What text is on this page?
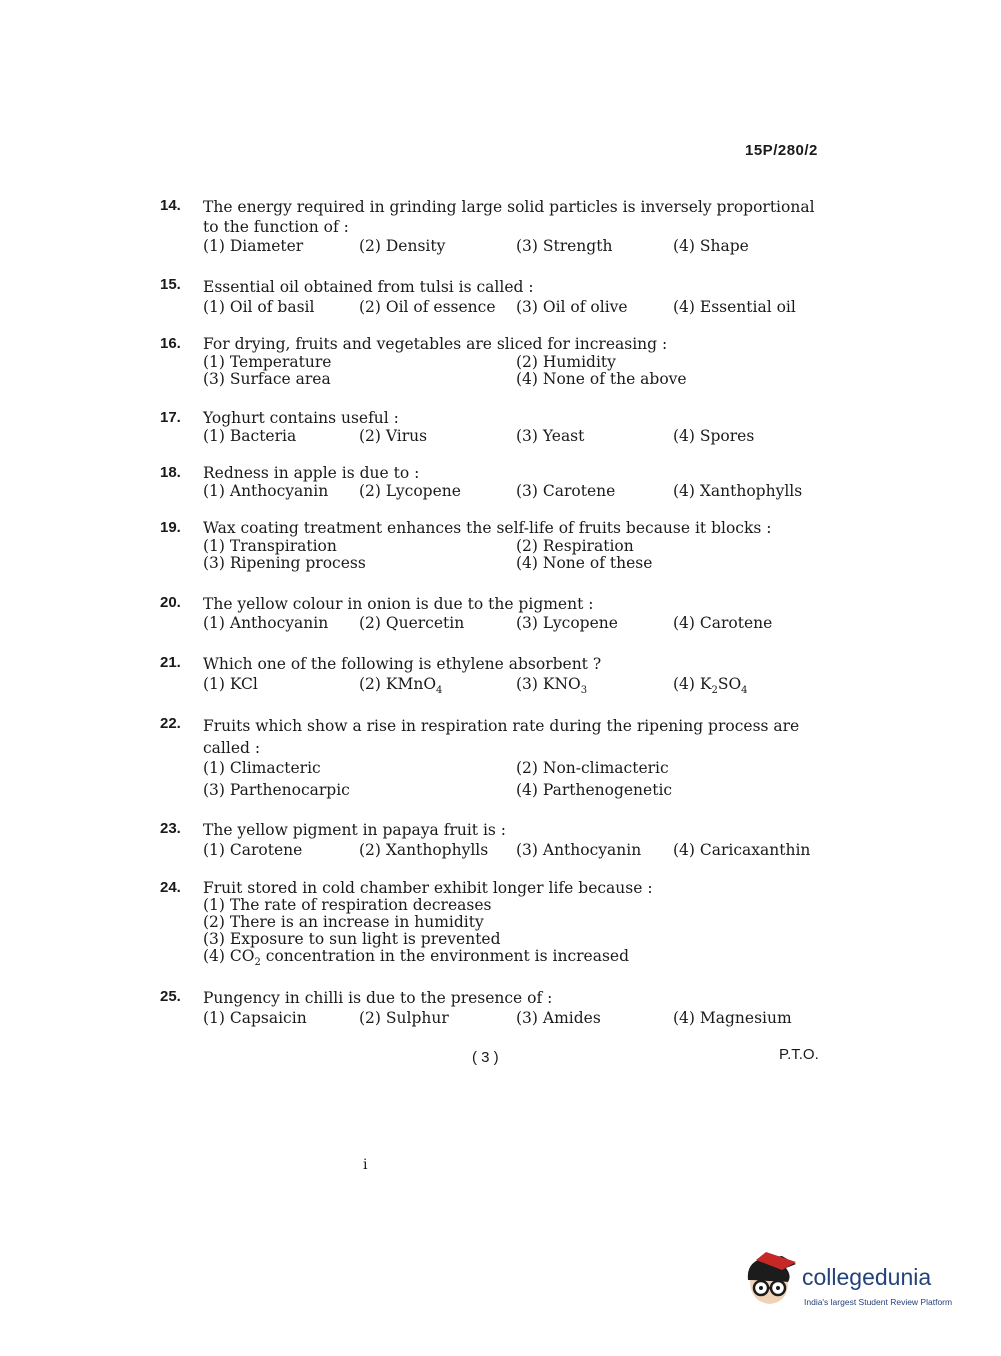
15P/280/2
14. The energy required in grinding large solid particles is inversely proportional to the function of :
(1) Diameter	(2) Density	(3) Strength	(4) Shape
15. Essential oil obtained from tulsi is called :
(1) Oil of basil	(2) Oil of essence (3) Oil of olive	(4) Essential oil
16. For drying, fruits and vegetables are sliced for increasing :
(1) Temperature	(2) Humidity
(3) Surface area	(4) None of the above
17. Yoghurt contains useful :
(1) Bacteria	(2) Virus	(3) Yeast	(4) Spores
18. Redness in apple is due to :
(1) Anthocyanin (2) Lycopene	(3) Carotene	(4) Xanthophylls
19. Wax coating treatment enhances the self-life of fruits because it blocks :
(1) Transpiration	(2) Respiration
(3) Ripening process	(4) None of these
20. The yellow colour in onion is due to the pigment :
(1) Anthocyanin (2) Quercetin	(3) Lycopene	(4) Carotene
21. Which one of the following is ethylene absorbent ?
(1) KCl	(2) KMnO$_4$	(3) $KNO_3$	(4) $K_2SO_4$
22. Fruits which show a rise in respiration rate during the ripening process are called :
(1) Climacteric	(2) Non-climacteric
(3) Parthenocarpic	(4) Parthenogenetic
23. The yellow pigment in papaya fruit is :
(1) Carotene	(2) Xanthophylls (3) Anthocyanin (4) Caricaxanthin
24. Fruit stored in cold chamber exhibit longer life because :
(1) The rate of respiration decreases
(2) There is an increase in humidity
(3) Exposure to sun light is prevented
(4) $CO_2$ concentration in the environment is increased
25. Pungency in chilli is due to the presence of :
(1) Capsaicin	(2) Sulphur	(3) Amides	(4) Magnesium
( 3 )	P.T.O.
i
collegedunia
India's largest Student Review Platform
